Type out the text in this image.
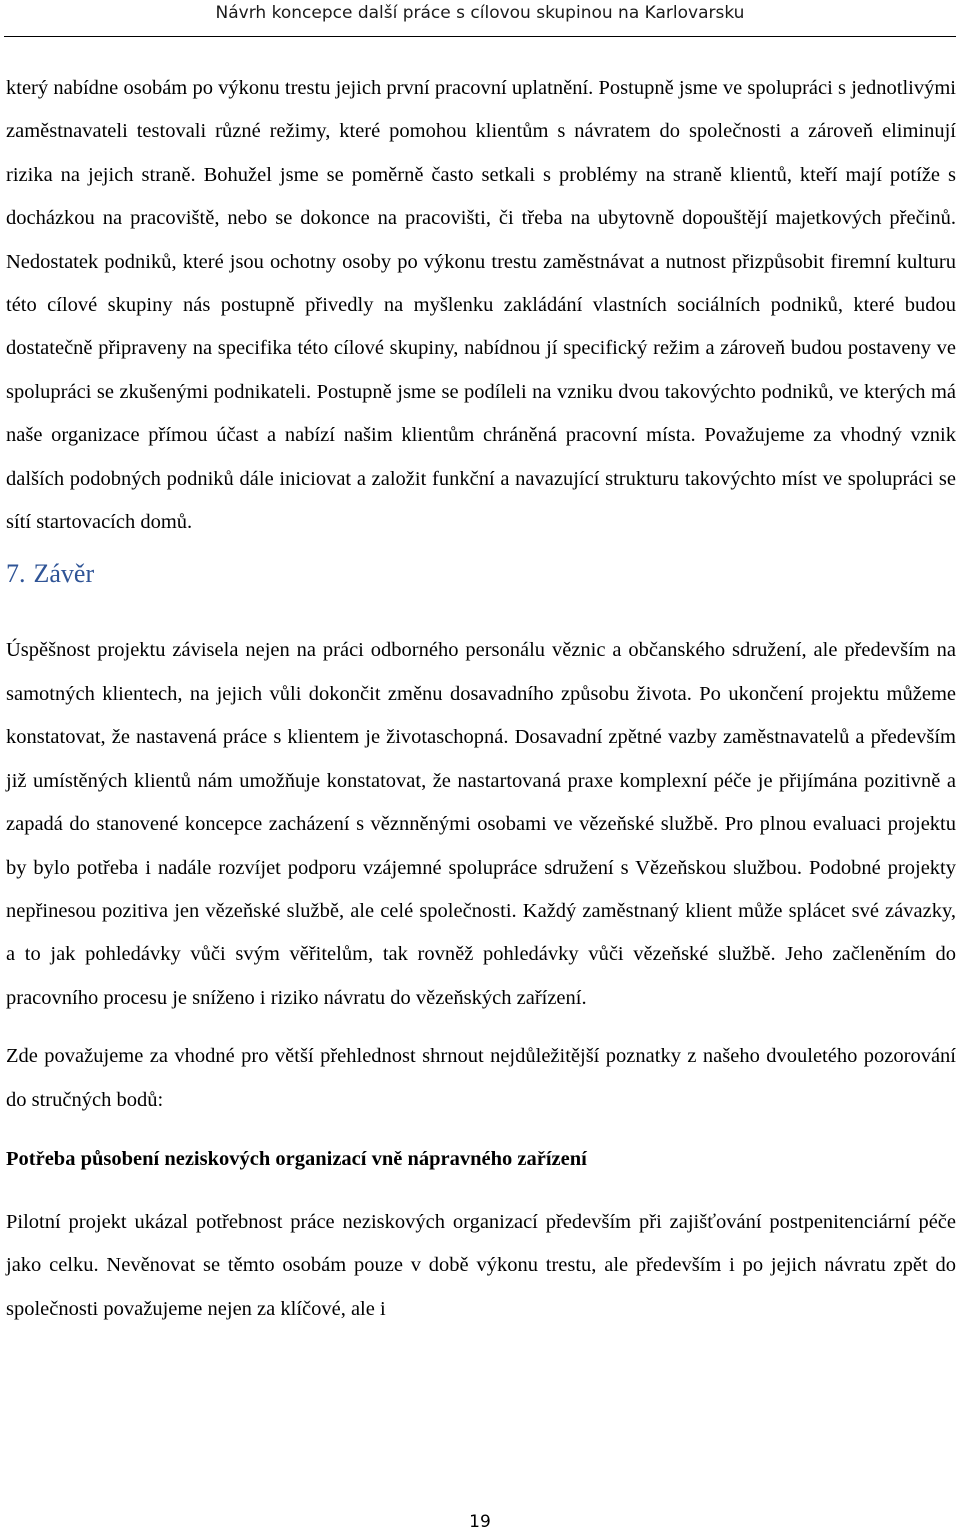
Návrh koncepce další práce s cílovou skupinou na Karlovarsku

který nabídne osobám po výkonu trestu jejich první pracovní uplatnění. Postupně jsme ve spolupráci s jednotlivými zaměstnavateli testovali různé režimy, které pomohou klientům s návratem do společnosti a zároveň eliminují rizika na jejich straně. Bohužel jsme se poměrně často setkali s problémy na straně klientů, kteří mají potíže s docházkou na pracoviště, nebo se dokonce na pracovišti, či třeba na ubytovně dopouštějí majetkových přečinů. Nedostatek podniků, které jsou ochotny osoby po výkonu trestu zaměstnávat a nutnost přizpůsobit firemní kulturu této cílové skupiny nás postupně přivedly na myšlenku zakládání vlastních sociálních podniků, které budou dostatečně připraveny na specifika této cílové skupiny, nabídnou jí specifický režim a zároveň budou postaveny ve spolupráci se zkušenými podnikateli. Postupně jsme se podíleli na vzniku dvou takovýchto podniků, ve kterých má naše organizace přímou účast a nabízí našim klientům chráněná pracovní místa. Považujeme za vhodný vznik dalších podobných podniků dále iniciovat a založit funkční a navazující strukturu takovýchto míst ve spolupráci se sítí startovacích domů.

7. Závěr

Úspěšnost projektu závisela nejen na práci odborného personálu věznic a občanského sdružení, ale především na samotných klientech, na jejich vůli dokončit změnu dosavadního způsobu života. Po ukončení projektu můžeme konstatovat, že nastavená práce s klientem je životaschopná. Dosavadní zpětné vazby zaměstnavatelů a především již umístěných klientů nám umožňuje konstatovat, že nastartovaná praxe komplexní péče je přijímána pozitivně a zapadá do stanovené koncepce zacházení s věznněnými osobami ve vězeňské službě. Pro plnou evaluaci projektu by bylo potřeba i nadále rozvíjet podporu vzájemné spolupráce sdružení s Vězeňskou službou. Podobné projekty nepřinesou pozitiva jen vězeňské službě, ale celé společnosti. Každý zaměstnaný klient může splácet své závazky, a to jak pohledávky vůči svým věřitelům, tak rovněž pohledávky vůči vězeňské službě. Jeho začleněním do pracovního procesu je sníženo i riziko návratu do vězeňských zařízení.

Zde považujeme za vhodné pro větší přehlednost shrnout nejdůležitější poznatky z našeho dvouletého pozorování do stručných bodů:

Potřeba působení neziskových organizací vně nápravného zařízení

Pilotní projekt ukázal potřebnost práce neziskových organizací především při zajišťování postpenitenciární péče jako celku. Nevěnovat se těmto osobám pouze v době výkonu trestu, ale především i po jejich návratu zpět do společnosti považujeme nejen za klíčové, ale i

19
